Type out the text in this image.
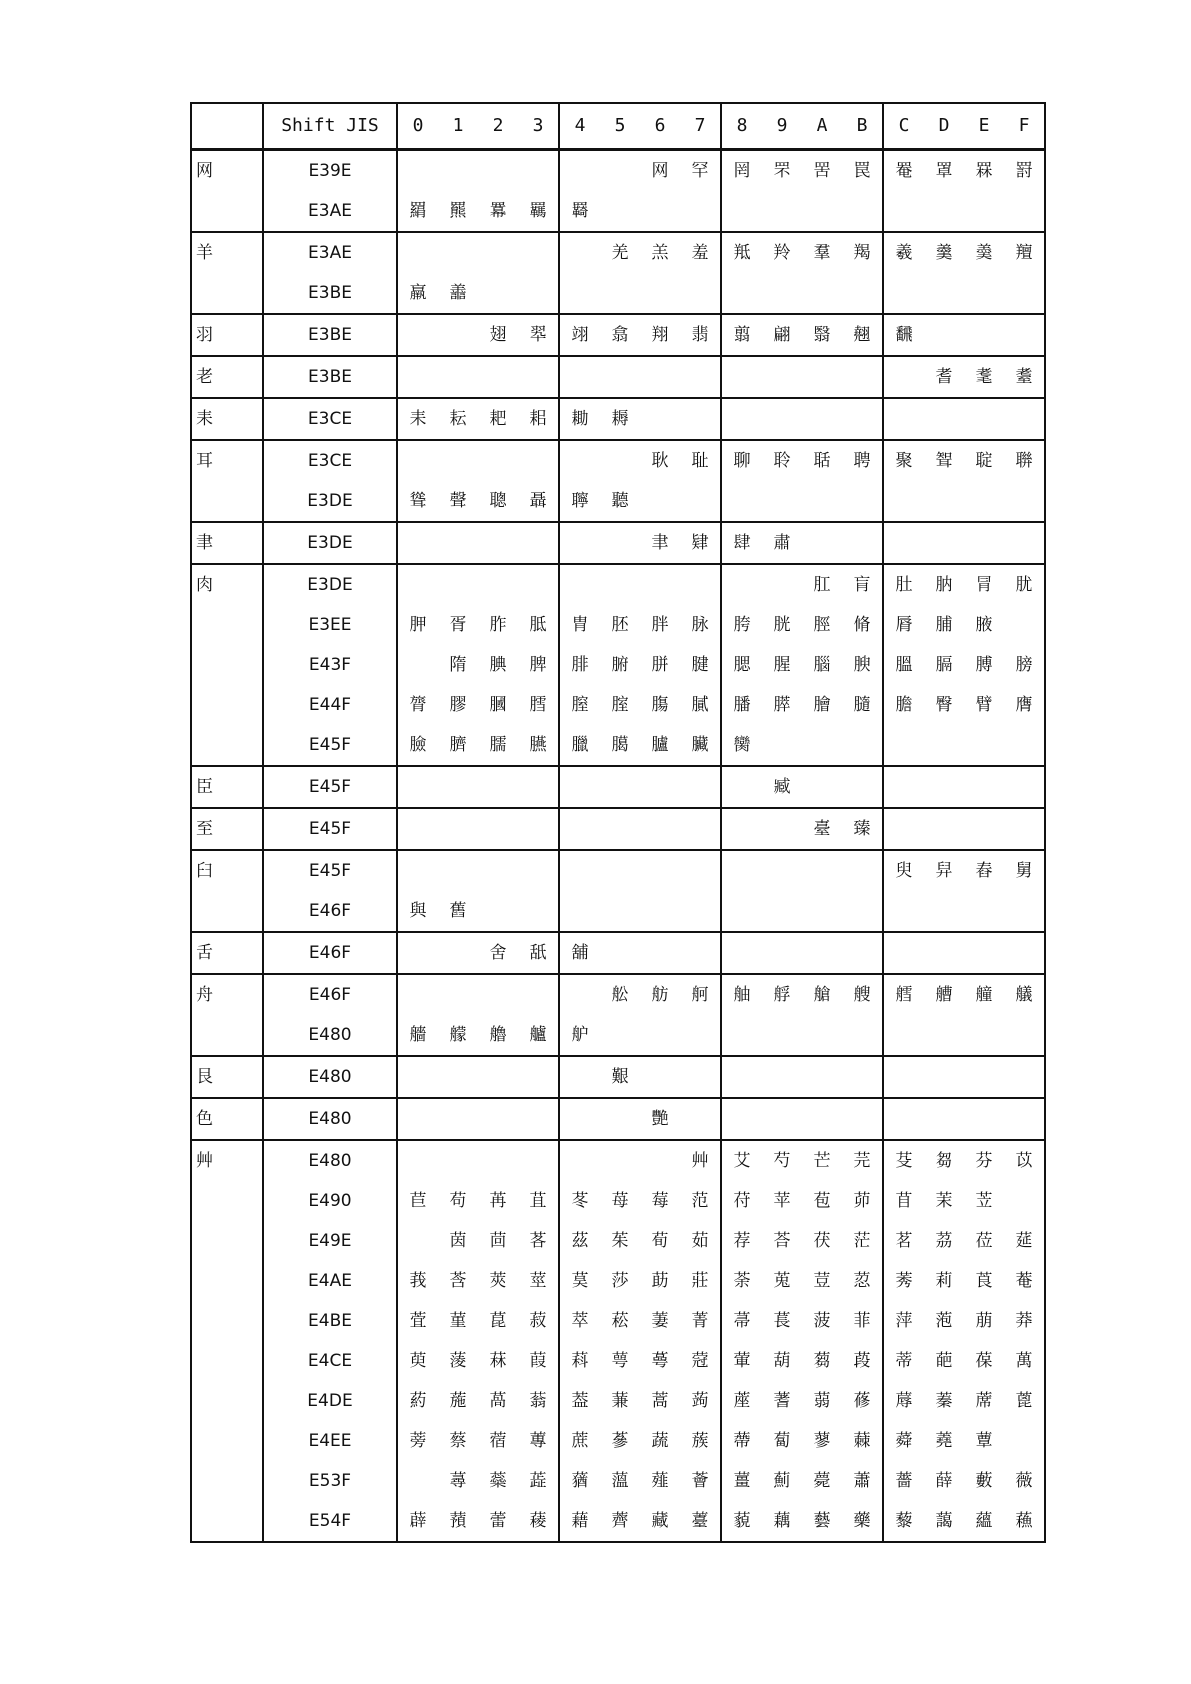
	Shift JIS	0	1	2	3	4	5	6	7	8	9	A	B	C	D	E	F
网	E39E							网	罕	罔	罘	罟	罠	罨	罩	罧	罸
	E3AE	羂	羆	羃	羈	羇											
羊	E3AE						羌	羔	羞	羝	羚	羣	羯	羲	羹	羮	羶
	E3BE	羸	譱														
羽	E3BE			翅	翆	翊	翕	翔	翡	翦	翩	翳	翹	飜			
老	E3BE														耆	耄	耋
耒	E3CE	耒	耘	耙	耜	耡	耨										
耳	E3CE							耿	耻	聊	聆	聒	聘	聚	聟	聢	聨
	E3DE	聳	聲	聰	聶	聹	聽										
聿	E3DE							聿	肄	肆	肅						
肉	E3DE											肛	肓	肚	肭	冐	肬
	E3EE	胛	胥	胙	胝	胄	胚	胖	脉	胯	胱	脛	脩	脣	脯	腋	
	E43F		隋	腆	脾	腓	腑	胼	腱	腮	腥	腦	腴	膃	膈	膊	膀
	E44F	膂	膠	膕	膤	膣	腟	膓	膩	膰	膵	膾	膸	膽	臀	臂	膺
	E45F	臉	臍	臑	臙	臘	臈	臚	臟	臠							
臣	E45F										臧						
至	E45F											臺	臻				
臼	E45F													臾	舁	舂	舅
	E46F	與	舊														
舌	E46F			舍	舐	舖											
舟	E46F						舩	舫	舸	舳	艀	艙	艘	艝	艚	艟	艤
	E480	艢	艨	艪	艫	舮											
艮	E480						艱										
色	E480							艷									
艸	E480								艸	艾	芍	芒	芫	芟	芻	芬	苡
	E490	苣	苟	苒	苴	苳	苺	莓	范	苻	苹	苞	茆	苜	茉	苙	
	E49E		茵	茴	茖	茲	茱	荀	茹	荐	荅	茯	茫	茗	茘	莅	莚
	E4AE	莪	莟	莢	莖	茣	莎	莇	莊	荼	莵	荳	荵	莠	莉	莨	菴
	E4BE	萓	菫	菎	菽	萃	菘	萋	菁	菷	萇	菠	菲	萍	萢	萠	莽
	E4CE	萸	蔆	菻	葭	萪	萼	蕚	蒄	葷	葫	蒭	葮	蒂	葩	葆	萬
	E4DE	葯	葹	萵	蓊	葢	蒹	蒿	蒟	蓙	蓍	蒻	蓚	蓐	蓁	蓆	蓖
	E4EE	蒡	蔡	蓿	蓴	蔗	蔘	蔬	蔟	蔕	蔔	蓼	蕀	蕣	蕘	蕈	
	E53F		蕁	蘂	蕋	蕕	薀	薤	薈	薑	薊	薨	蕭	薔	薛	藪	薇
	E54F	薜	蕷	蕾	薐	藉	薺	藏	薹	藐	藕	藝	藥	藜	藹	蘊	蘓
